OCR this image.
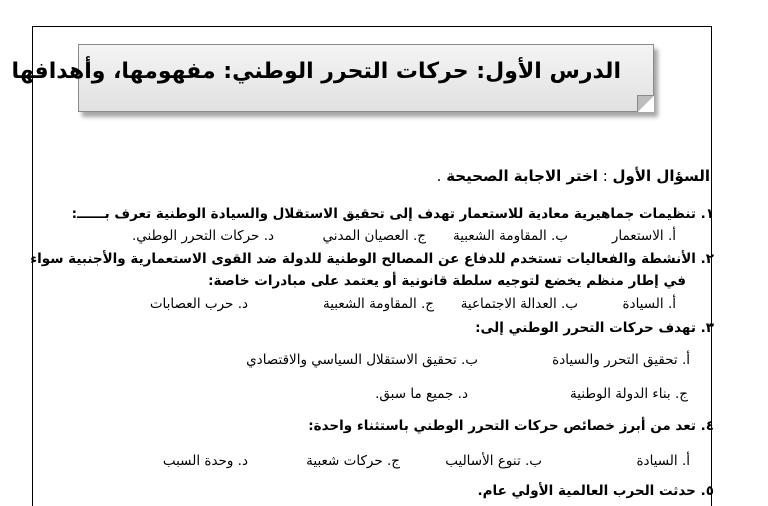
الدرس الأول: حركات التحرر الوطني: مفهومها، وأهدافها
السؤال الأول : اختر الاجابة الصحيحة .
١. تنظيمات جماهيرية معادية للاستعمار تهدف إلى تحقيق الاستقلال والسيادة الوطنية تعرف بــــــ:
أ. الاستعمار
ب. المقاومة الشعبية
ج. العصيان المدني
د. حركات التحرر الوطني.
٢. الأنشطة والفعاليات تستخدم للدفاع عن المصالح الوطنية للدولة ضد القوى الاستعمارية والأجنبية سواء
في إطار منظم يخضع لتوجيه سلطة قانونية أو يعتمد على مبادرات خاصة:
أ. السيادة
ب. العدالة الاجتماعية
ج. المقاومة الشعبية
د. حرب العصابات
٣. تهدف حركات التحرر الوطني إلى:
أ. تحقيق التحرر والسيادة
ب. تحقيق الاستقلال السياسي والاقتصادي
ج. بناء الدولة الوطنية
د. جميع ما سبق.
٤. تعد من أبرز خصائص حركات التحرر الوطني باستثناء واحدة:
أ. السيادة
ب. تنوع الأساليب
ج. حركات شعبية
د. وحدة السبب
٥. حدثت الحرب العالمية الأولي عام.
